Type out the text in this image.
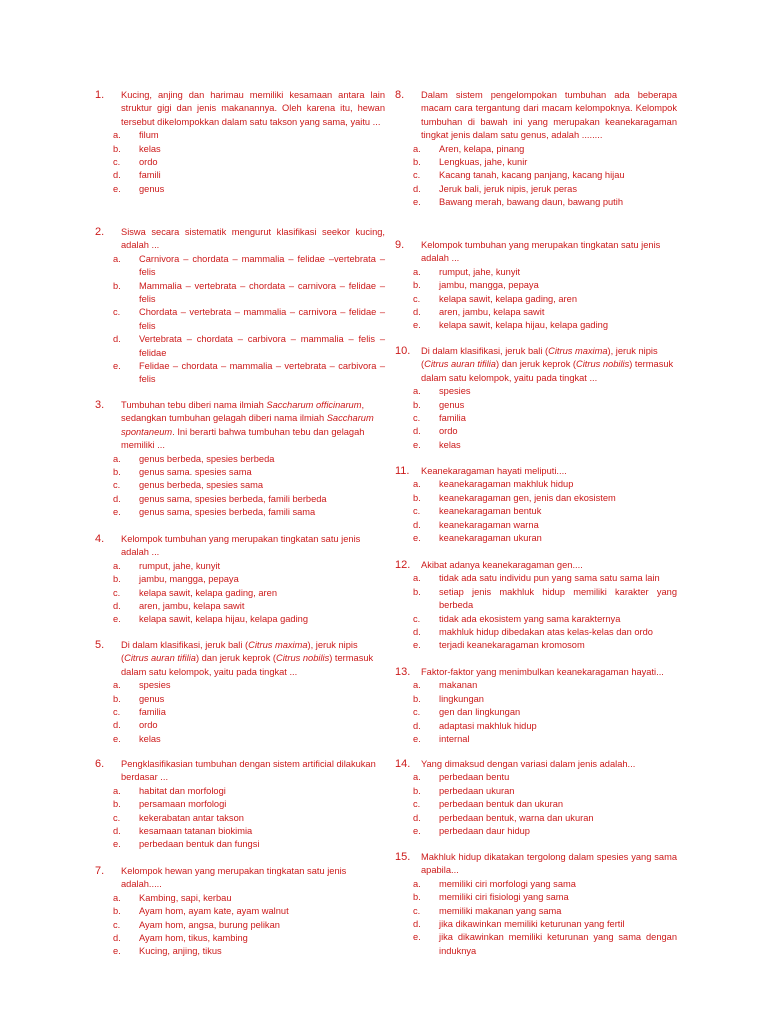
1. Kucing, anjing dan harimau memiliki kesamaan antara lain struktur gigi dan jenis makanannya. Oleh karena itu, hewan tersebut dikelompokkan dalam satu takson yang sama, yaitu ...
a.	filum
b.	kelas
c.	ordo
d.	famili
e.	genus
2. Siswa secara sistematik mengurut klasifikasi seekor kucing, adalah ...
a.	Carnivora – chordata – mammalia – felidae –vertebrata – felis
b.	Mammalia – vertebrata – chordata – carnivora – felidae – felis
c.	Chordata – vertebrata – mammalia – carnivora – felidae – felis
d.	Vertebrata – chordata – carbivora – mammalia – felis – felidae
e.	Felidae – chordata – mammalia – vertebrata – carbivora – felis
3. Tumbuhan tebu diberi nama ilmiah Saccharum officinarum, sedangkan tumbuhan gelagah diberi nama ilmiah Saccharum spontaneum. Ini berarti bahwa tumbuhan tebu dan gelagah memiliki ...
a.	genus berbeda, spesies berbeda
b.	genus sama. spesies sama
c.	genus berbeda, spesies sama
d.	genus sama, spesies berbeda, famili berbeda
e.	genus sama, spesies berbeda, famili sama
4. Kelompok tumbuhan yang merupakan tingkatan satu jenis adalah ...
a.	rumput, jahe, kunyit
b.	jambu, mangga, pepaya
c.	kelapa sawit, kelapa gading, aren
d.	aren, jambu, kelapa sawit
e.	kelapa sawit, kelapa hijau, kelapa gading
5. Di dalam klasifikasi, jeruk bali (Citrus maxima), jeruk nipis (Citrus auran tifilia) dan jeruk keprok (Citrus nobilis) termasuk dalam satu kelompok, yaitu pada tingkat ...
a.	spesies
b.	genus
c.	familia
d.	ordo
e.	kelas
6. Pengklasifikasian tumbuhan dengan sistem artificial dilakukan berdasar ...
a.	habitat dan morfologi
b.	persamaan morfologi
c.	kekerabatan antar takson
d.	kesamaan tatanan biokimia
e.	perbedaan bentuk dan fungsi
7. Kelompok hewan yang merupakan tingkatan satu jenis adalah.....
a.	Kambing, sapi, kerbau
b.	Ayam hom, ayam kate, ayam walnut
c.	Ayam hom, angsa, burung pelikan
d.	Ayam hom, tikus, kambing
e.	Kucing, anjing, tikus
8. Dalam sistem pengelompokan tumbuhan ada beberapa macam cara tergantung dari macam kelompoknya. Kelompok tumbuhan di bawah ini yang merupakan keanekaragaman tingkat jenis dalam satu genus, adalah ........
a.	Aren, kelapa, pinang
b.	Lengkuas, jahe, kunir
c.	Kacang tanah, kacang panjang, kacang hijau
d.	Jeruk bali, jeruk nipis, jeruk peras
e.	Bawang merah, bawang daun, bawang putih
9. Kelompok tumbuhan yang merupakan tingkatan satu jenis adalah ...
a.	rumput, jahe, kunyit
b.	jambu, mangga, pepaya
c.	kelapa sawit, kelapa gading, aren
d.	aren, jambu, kelapa sawit
e.	kelapa sawit, kelapa hijau, kelapa gading
10. Di dalam klasifikasi, jeruk bali (Citrus maxima), jeruk nipis (Citrus auran tifilia) dan jeruk keprok (Citrus nobilis) termasuk dalam satu kelompok, yaitu pada tingkat ...
a.	spesies
b.	genus
c.	familia
d.	ordo
e.	kelas
11. Keanekaragaman hayati meliputi....
a.	keanekaragaman makhluk hidup
b.	keanekaragaman gen, jenis dan ekosistem
c.	keanekaragaman bentuk
d.	keanekaragaman warna
e.	keanekaragaman ukuran
12. Akibat adanya keanekaragaman gen....
a.	tidak ada satu individu pun yang sama satu sama lain
b.	setiap jenis makhluk hidup memiliki karakter yang berbeda
c.	tidak ada ekosistem yang sama karakternya
d.	makhluk hidup dibedakan atas kelas-kelas dan ordo
e.	terjadi keanekaragaman kromosom
13. Faktor-faktor yang menimbulkan keanekaragaman hayati...
a.	makanan
b.	lingkungan
c.	gen dan lingkungan
d.	adaptasi makhluk hidup
e.	internal
14. Yang dimaksud dengan variasi dalam jenis adalah...
a.	perbedaan bentu
b.	perbedaan ukuran
c.	perbedaan bentuk dan ukuran
d.	perbedaan bentuk, warna dan ukuran
e.	perbedaan daur hidup
15. Makhluk hidup dikatakan tergolong dalam spesies yang sama apabila...
a.	memiliki ciri morfologi yang sama
b.	memiliki ciri fisiologi yang sama
c.	memiliki makanan yang sama
d.	jika dikawinkan memiliki keturunan yang fertil
e.	jika dikawinkan memiliki keturunan yang sama dengan induknya
